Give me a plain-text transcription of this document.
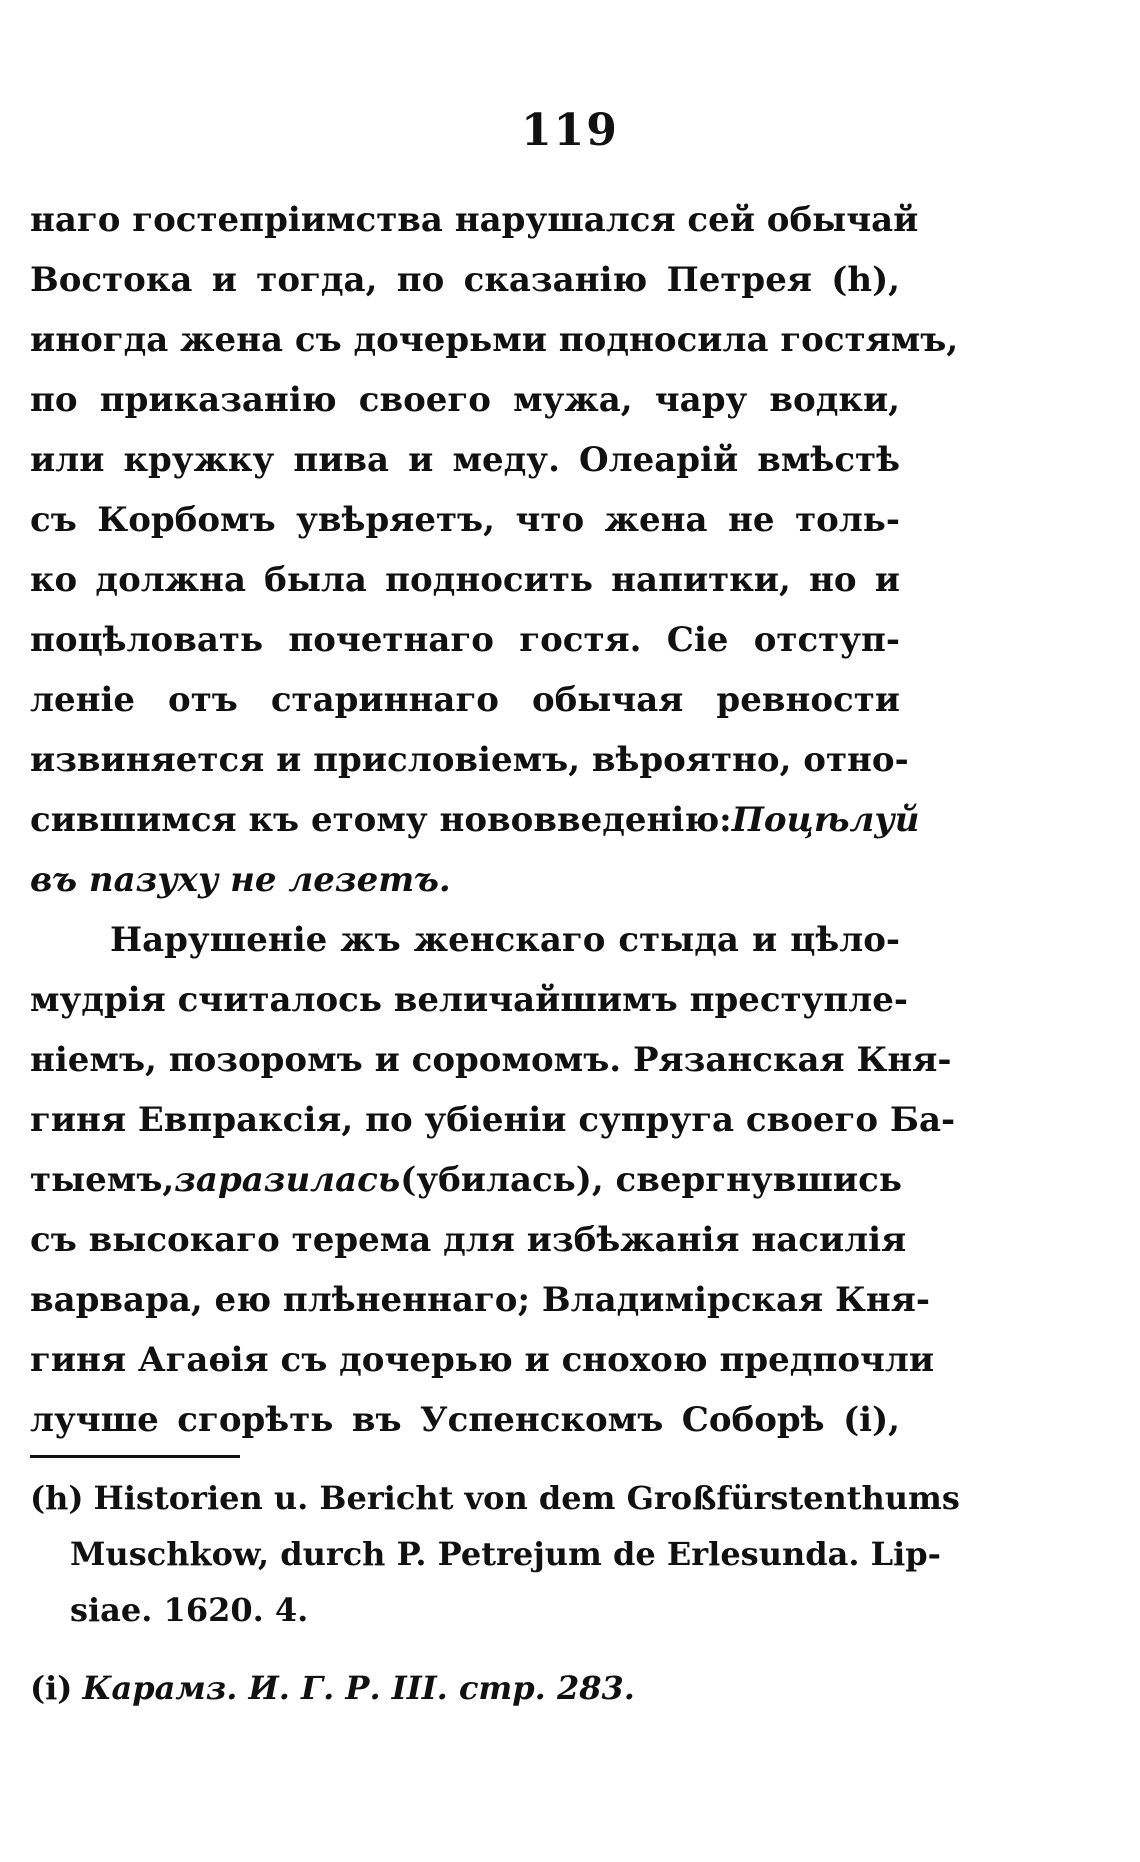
119
наго гостепріимства нарушался сей обычай
Востока и тогда, по сказанію Петрея (h),
иногда жена съ дочерьми подносила гостямъ,
по приказанію своего мужа, чару водки,
или кружку пива и меду. Олеарій вмѣстѣ
съ Корбомъ увѣряетъ, что жена не толь-
ко должна была подносить напитки, но и
поцѣловать почетнаго гостя. Сіе отступ-
леніе отъ стариннаго обычая ревности
извиняется и присловіемъ, вѣроятно, отно-
сившимся къ етому нововведенію: Поцѣлуй
въ пазуху не лезетъ.
Нарушеніе жъ женскаго стыда и цѣло-
мудрія считалось величайшимъ преступле-
ніемъ, позоромъ и соромомъ. Рязанская Кня-
гиня Евпраксія, по убіеніи супруга своего Ба-
тыемъ, заразилась (убилась), свергнувшись
съ высокаго терема для избѣжанія насилія
варвара, ею плѣненнаго; Владимірская Кня-
гиня Агаѳія съ дочерью и снохою предпочли
лучше сгорѣть въ Успенскомъ Соборѣ (i),
(h) Historien u. Bericht von dem Großfürstenthums
Muschkow, durch P. Petrejum de Erlesunda. Lip-
siae. 1620. 4.
(i) Карамз. И. Г. Р. III. стр. 283.
